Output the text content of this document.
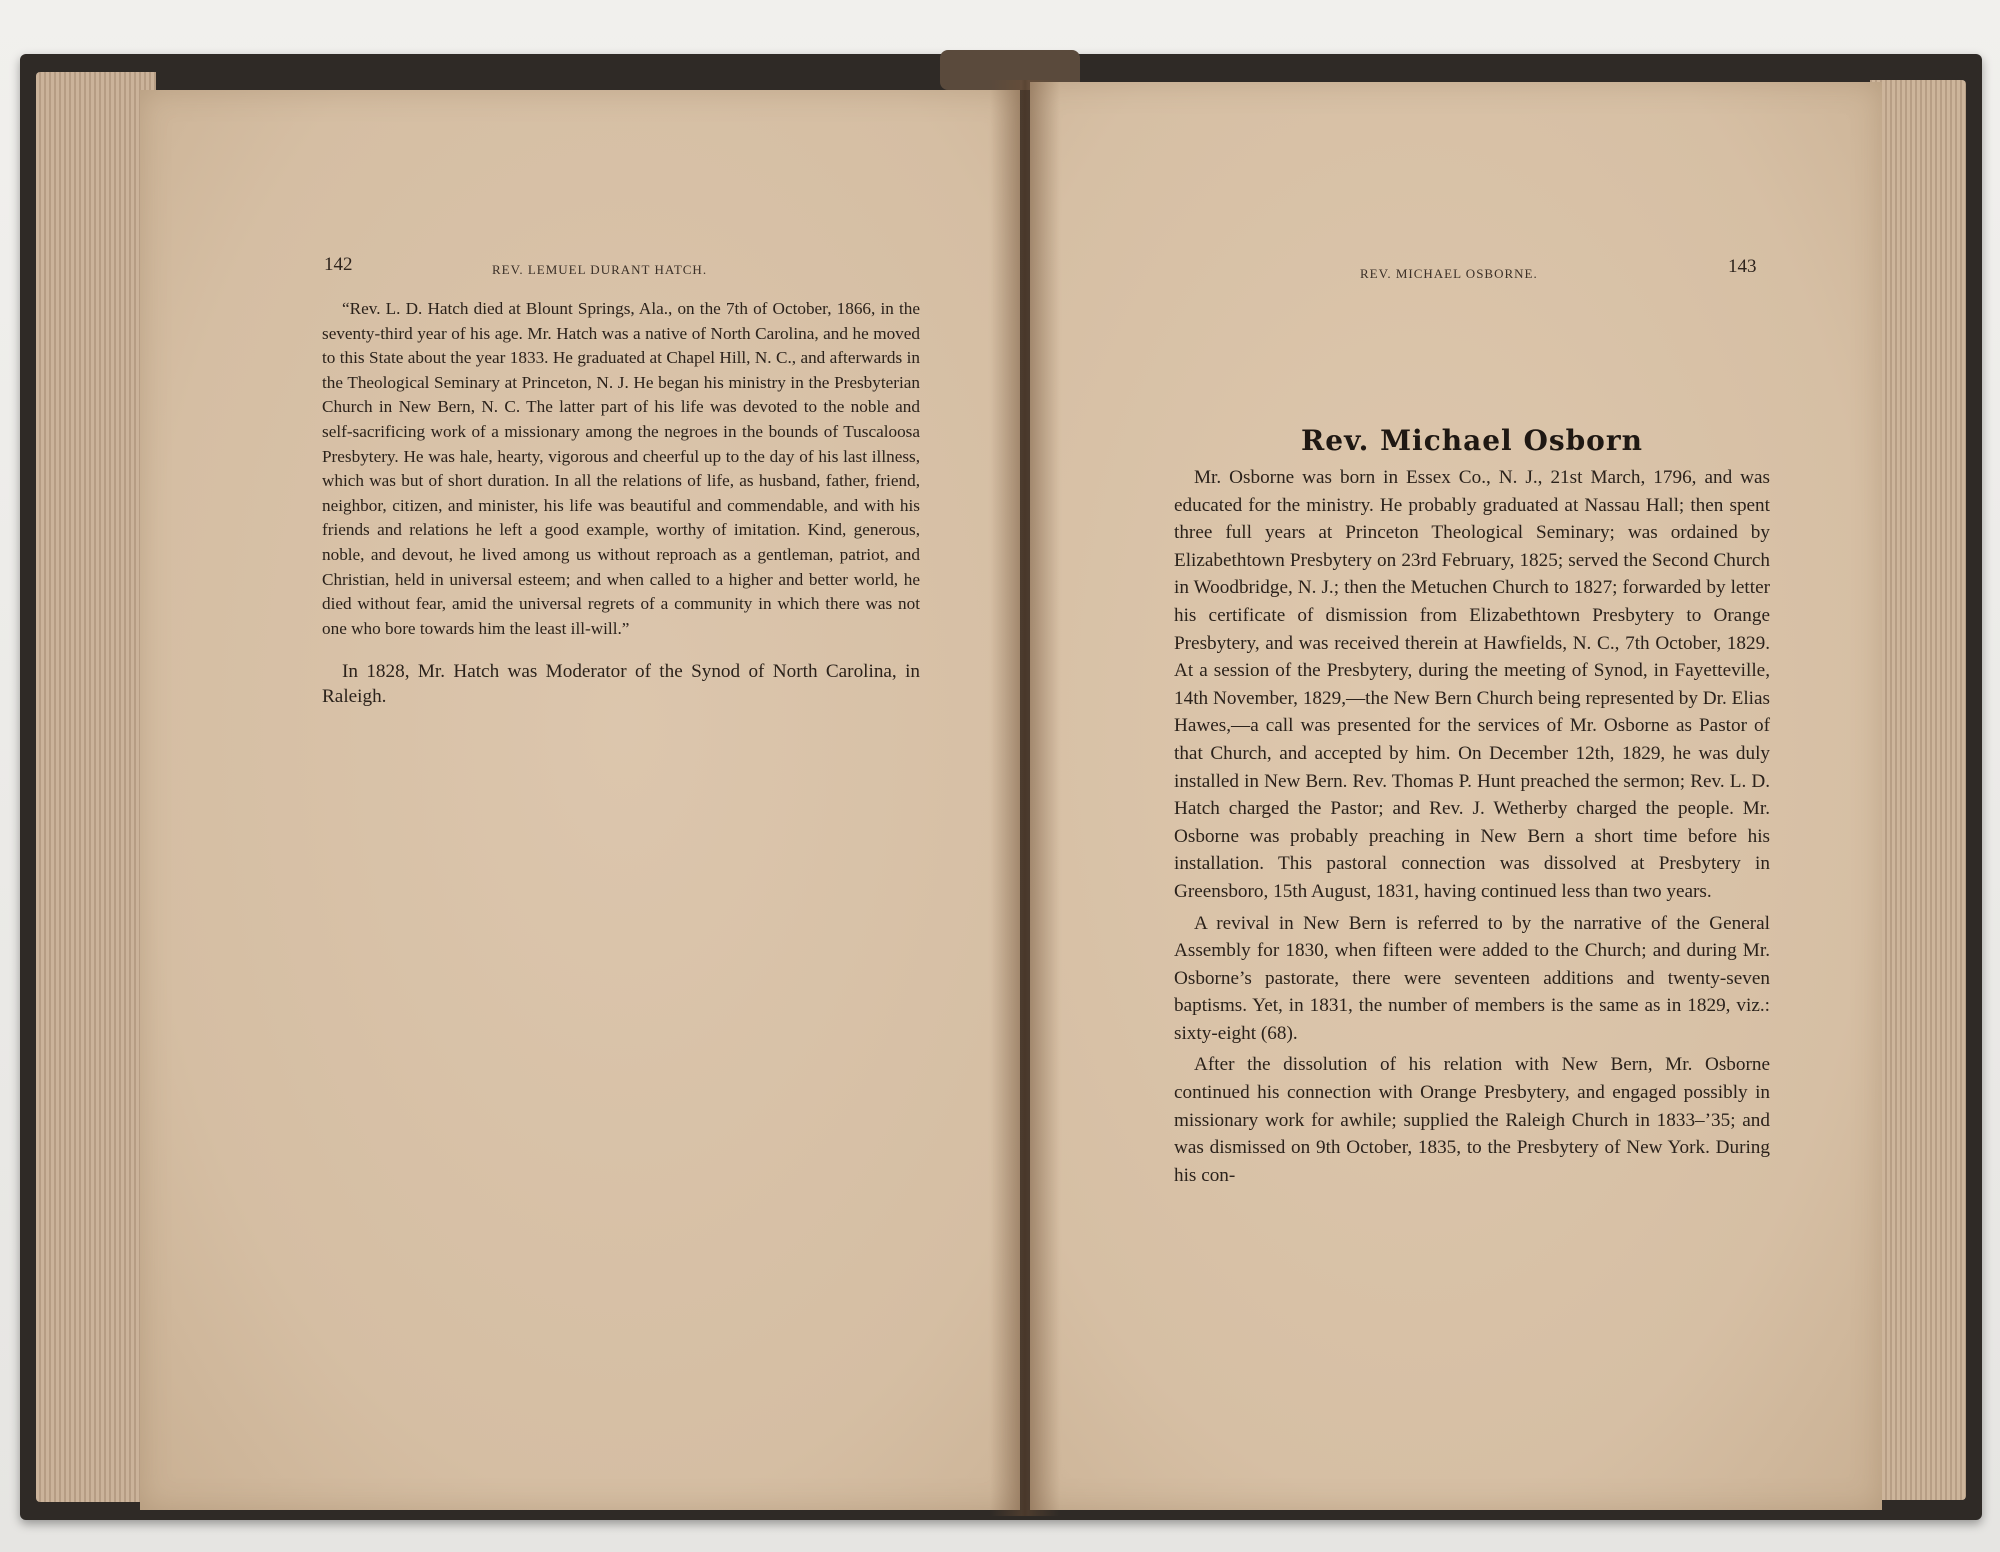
142	REV. LEMUEL DURANT HATCH.

“Rev. L. D. Hatch died at Blount Springs, Ala., on the 7th of October, 1866, in the seventy-third year of his age. Mr. Hatch was a native of North Carolina, and he moved to this State about the year 1833. He graduated at Chapel Hill, N. C., and afterwards in the Theological Seminary at Princeton, N. J. He began his ministry in the Presbyterian Church in New Bern, N. C. The latter part of his life was devoted to the noble and self-sacrificing work of a missionary among the negroes in the bounds of Tuscaloosa Presbytery. He was hale, hearty, vigorous and cheerful up to the day of his last illness, which was but of short duration. In all the relations of life, as husband, father, friend, neighbor, citizen, and minister, his life was beautiful and commendable, and with his friends and relations he left a good example, worthy of imitation. Kind, generous, noble, and devout, he lived among us without reproach as a gentleman, patriot, and Christian, held in universal esteem; and when called to a higher and better world, he died without fear, amid the universal regrets of a community in which there was not one who bore towards him the least ill-will.”

In 1828, Mr. Hatch was Moderator of the Synod of North Carolina, in Raleigh.

REV. MICHAEL OSBORNE.	143
Rev. Michael Osborn

Mr. Osborne was born in Essex Co., N. J., 21st March, 1796, and was educated for the ministry. He probably graduated at Nassau Hall; then spent three full years at Princeton Theological Seminary; was ordained by Elizabethtown Presbytery on 23rd February, 1825; served the Second Church in Woodbridge, N. J.; then the Metuchen Church to 1827; forwarded by letter his certificate of dismission from Elizabethtown Presbytery to Orange Presbytery, and was received therein at Hawfields, N. C., 7th October, 1829. At a session of the Presbytery, during the meeting of Synod, in Fayetteville, 14th November, 1829,—the New Bern Church being represented by Dr. Elias Hawes,—a call was presented for the services of Mr. Osborne as Pastor of that Church, and accepted by him. On December 12th, 1829, he was duly installed in New Bern. Rev. Thomas P. Hunt preached the sermon; Rev. L. D. Hatch charged the Pastor; and Rev. J. Wetherby charged the people. Mr. Osborne was probably preaching in New Bern a short time before his installation. This pastoral connection was dissolved at Presbytery in Greensboro, 15th August, 1831, having continued less than two years.

A revival in New Bern is referred to by the narrative of the General Assembly for 1830, when fifteen were added to the Church; and during Mr. Osborne’s pastorate, there were seventeen additions and twenty-seven baptisms. Yet, in 1831, the number of members is the same as in 1829, viz.: sixty-eight (68).

After the dissolution of his relation with New Bern, Mr. Osborne continued his connection with Orange Presbytery, and engaged possibly in missionary work for awhile; supplied the Raleigh Church in 1833–’35; and was dismissed on 9th October, 1835, to the Presbytery of New York. During his con-
